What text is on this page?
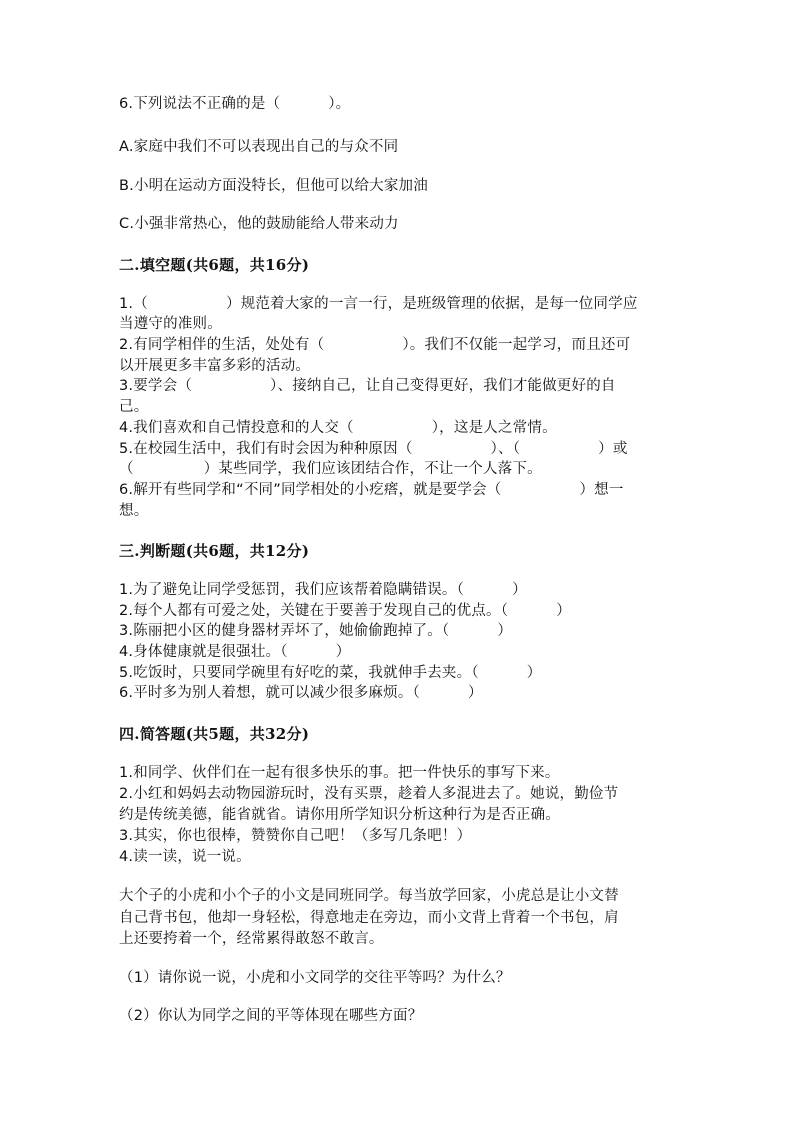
6.下列说法不正确的是（	）。
A.家庭中我们不可以表现出自己的与众不同
B.小明在运动方面没特长，但他可以给大家加油
C.小强非常热心，他的鼓励能给人带来动力
二.填空题(共6题，共16分)
1.（	）规范着大家的一言一行，是班级管理的依据，是每一位同学应
当遵守的准则。
2.有同学相伴的生活，处处有（	）。我们不仅能一起学习，而且还可
以开展更多丰富多彩的活动。
3.要学会（	）、接纳自己，让自己变得更好，我们才能做更好的自
己。
4.我们喜欢和自己情投意和的人交（	），这是人之常情。
5.在校园生活中，我们有时会因为种种原因（	）、（	）或
（	）某些同学，我们应该团结合作，不让一个人落下。
6.解开有些同学和“不同”同学相处的小疙瘩，就是要学会（	）想一
想。
三.判断题(共6题，共12分)
1.为了避免让同学受惩罚，我们应该帮着隐瞒错误。（	）
2.每个人都有可爱之处，关键在于要善于发现自己的优点。（	）
3.陈丽把小区的健身器材弄坏了，她偷偷跑掉了。（	）
4.身体健康就是很强壮。（	）
5.吃饭时，只要同学碗里有好吃的菜，我就伸手去夹。（	）
6.平时多为别人着想，就可以减少很多麻烦。（	）
四.简答题(共5题，共32分)
1.和同学、伙伴们在一起有很多快乐的事。把一件快乐的事写下来。
2.小红和妈妈去动物园游玩时，没有买票，趁着人多混进去了。她说，勤俭节
约是传统美德，能省就省。请你用所学知识分析这种行为是否正确。
3.其实，你也很棒，赞赞你自己吧！（多写几条吧！）
4.读一读，说一说。
大个子的小虎和小个子的小文是同班同学。每当放学回家，小虎总是让小文替
自己背书包，他却一身轻松，得意地走在旁边，而小文背上背着一个书包，肩
上还要挎着一个，经常累得敢怒不敢言。
（1）请你说一说，小虎和小文同学的交往平等吗？为什么？
（2）你认为同学之间的平等体现在哪些方面？
